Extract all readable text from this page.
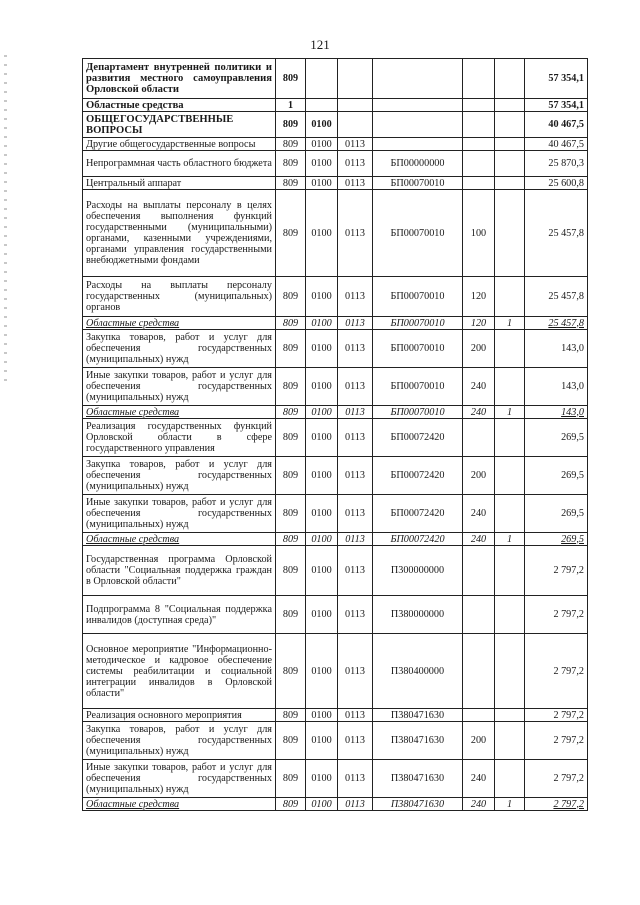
121
Департамент внутренней политики и развития местного самоуправления Орловской области	809						57 354,1
Областные средства	1						57 354,1
ОБЩЕГОСУДАРСТВЕННЫЕ ВОПРОСЫ	809	0100					40 467,5
Другие общегосударственные вопросы	809	0100	0113				40 467,5
Непрограммная часть областного бюджета	809	0100	0113	БП00000000			25 870,3
Центральный аппарат	809	0100	0113	БП00070010			25 600,8
Расходы на выплаты персоналу в целях обеспечения выполнения функций государственными (муниципальными) органами, казенными учреждениями, органами управления государственными внебюджетными фондами	809	0100	0113	БП00070010	100		25 457,8
Расходы на выплаты персоналу государственных (муниципальных) органов	809	0100	0113	БП00070010	120		25 457,8
Областные средства	809	0100	0113	БП00070010	120	1	25 457,8
Закупка товаров, работ и услуг для обеспечения государственных (муниципальных) нужд	809	0100	0113	БП00070010	200		143,0
Иные закупки товаров, работ и услуг для обеспечения государственных (муниципальных) нужд	809	0100	0113	БП00070010	240		143,0
Областные средства	809	0100	0113	БП00070010	240	1	143,0
Реализация государственных функций Орловской области в сфере государственного управления	809	0100	0113	БП00072420			269,5
Закупка товаров, работ и услуг для обеспечения государственных (муниципальных) нужд	809	0100	0113	БП00072420	200		269,5
Иные закупки товаров, работ и услуг для обеспечения государственных (муниципальных) нужд	809	0100	0113	БП00072420	240		269,5
Областные средства	809	0100	0113	БП00072420	240	1	269,5
Государственная программа Орловской области "Социальная поддержка граждан в Орловской области"	809	0100	0113	П300000000			2 797,2
Подпрограмма 8 "Социальная поддержка инвалидов (доступная среда)"	809	0100	0113	П380000000			2 797,2
Основное мероприятие "Информационно-методическое и кадровое обеспечение системы реабилитации и социальной интеграции инвалидов в Орловской области"	809	0100	0113	П380400000			2 797,2
Реализация основного мероприятия	809	0100	0113	П380471630			2 797,2
Закупка товаров, работ и услуг для обеспечения государственных (муниципальных) нужд	809	0100	0113	П380471630	200		2 797,2
Иные закупки товаров, работ и услуг для обеспечения государственных (муниципальных) нужд	809	0100	0113	П380471630	240		2 797,2
Областные средства	809	0100	0113	П380471630	240	1	2 797,2
